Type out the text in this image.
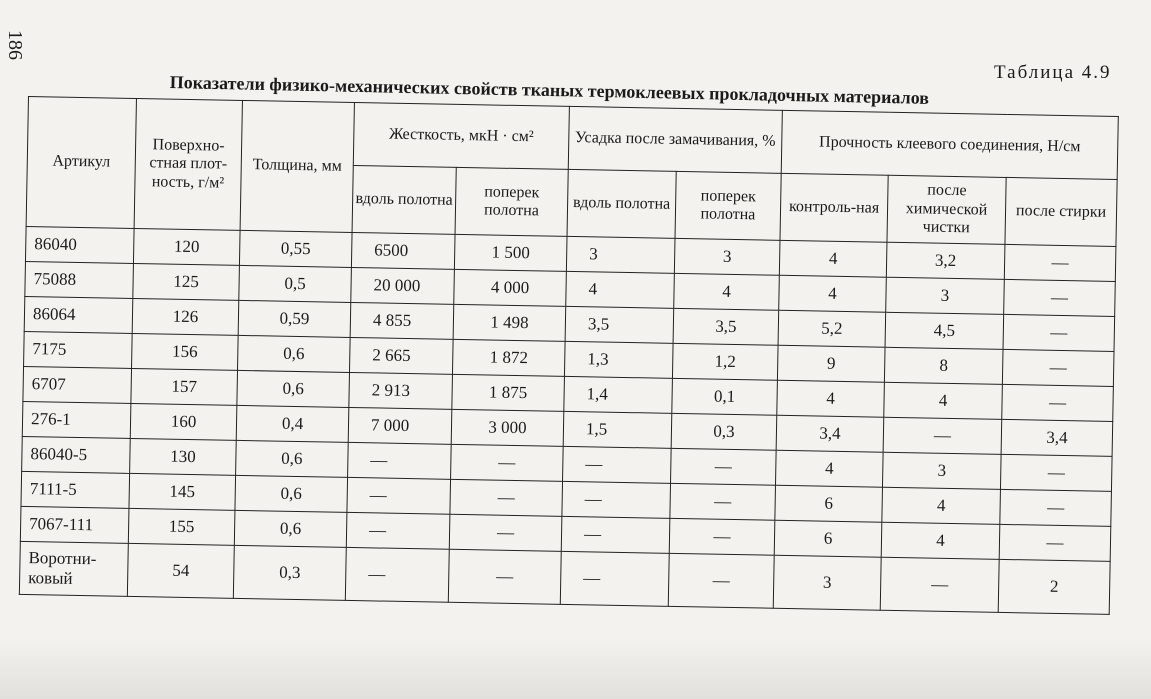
186
Таблица 4.9
Показатели физико-механических свойств тканых термоклеевых прокладочных материалов
Артикул	Поверхно-стная плот-ность, г/м²	Толщина, мм	Жесткость, мкН · см²		Усадка после замачивания, %		Прочность клеевого соединения, Н/см		
			вдоль полотна	поперек полотна	вдоль полотна	поперек полотна	контроль-ная	после химической чистки	после стирки
86040	120	0,55	6500	1 500	3	3	4	3,2	—
75088	125	0,5	20 000	4 000	4	4	4	3	—
86064	126	0,59	4 855	1 498	3,5	3,5	5,2	4,5	—
7175	156	0,6	2 665	1 872	1,3	1,2	9	8	—
6707	157	0,6	2 913	1 875	1,4	0,1	4	4	—
276-1	160	0,4	7 000	3 000	1,5	0,3	3,4	—	3,4
86040-5	130	0,6	—	—	—	—	4	3	—
7111-5	145	0,6	—	—	—	—	6	4	—
7067-111	155	0,6	—	—	—	—	6	4	—
Воротни-ковый	54	0,3	—	—	—	—	3	—	2
